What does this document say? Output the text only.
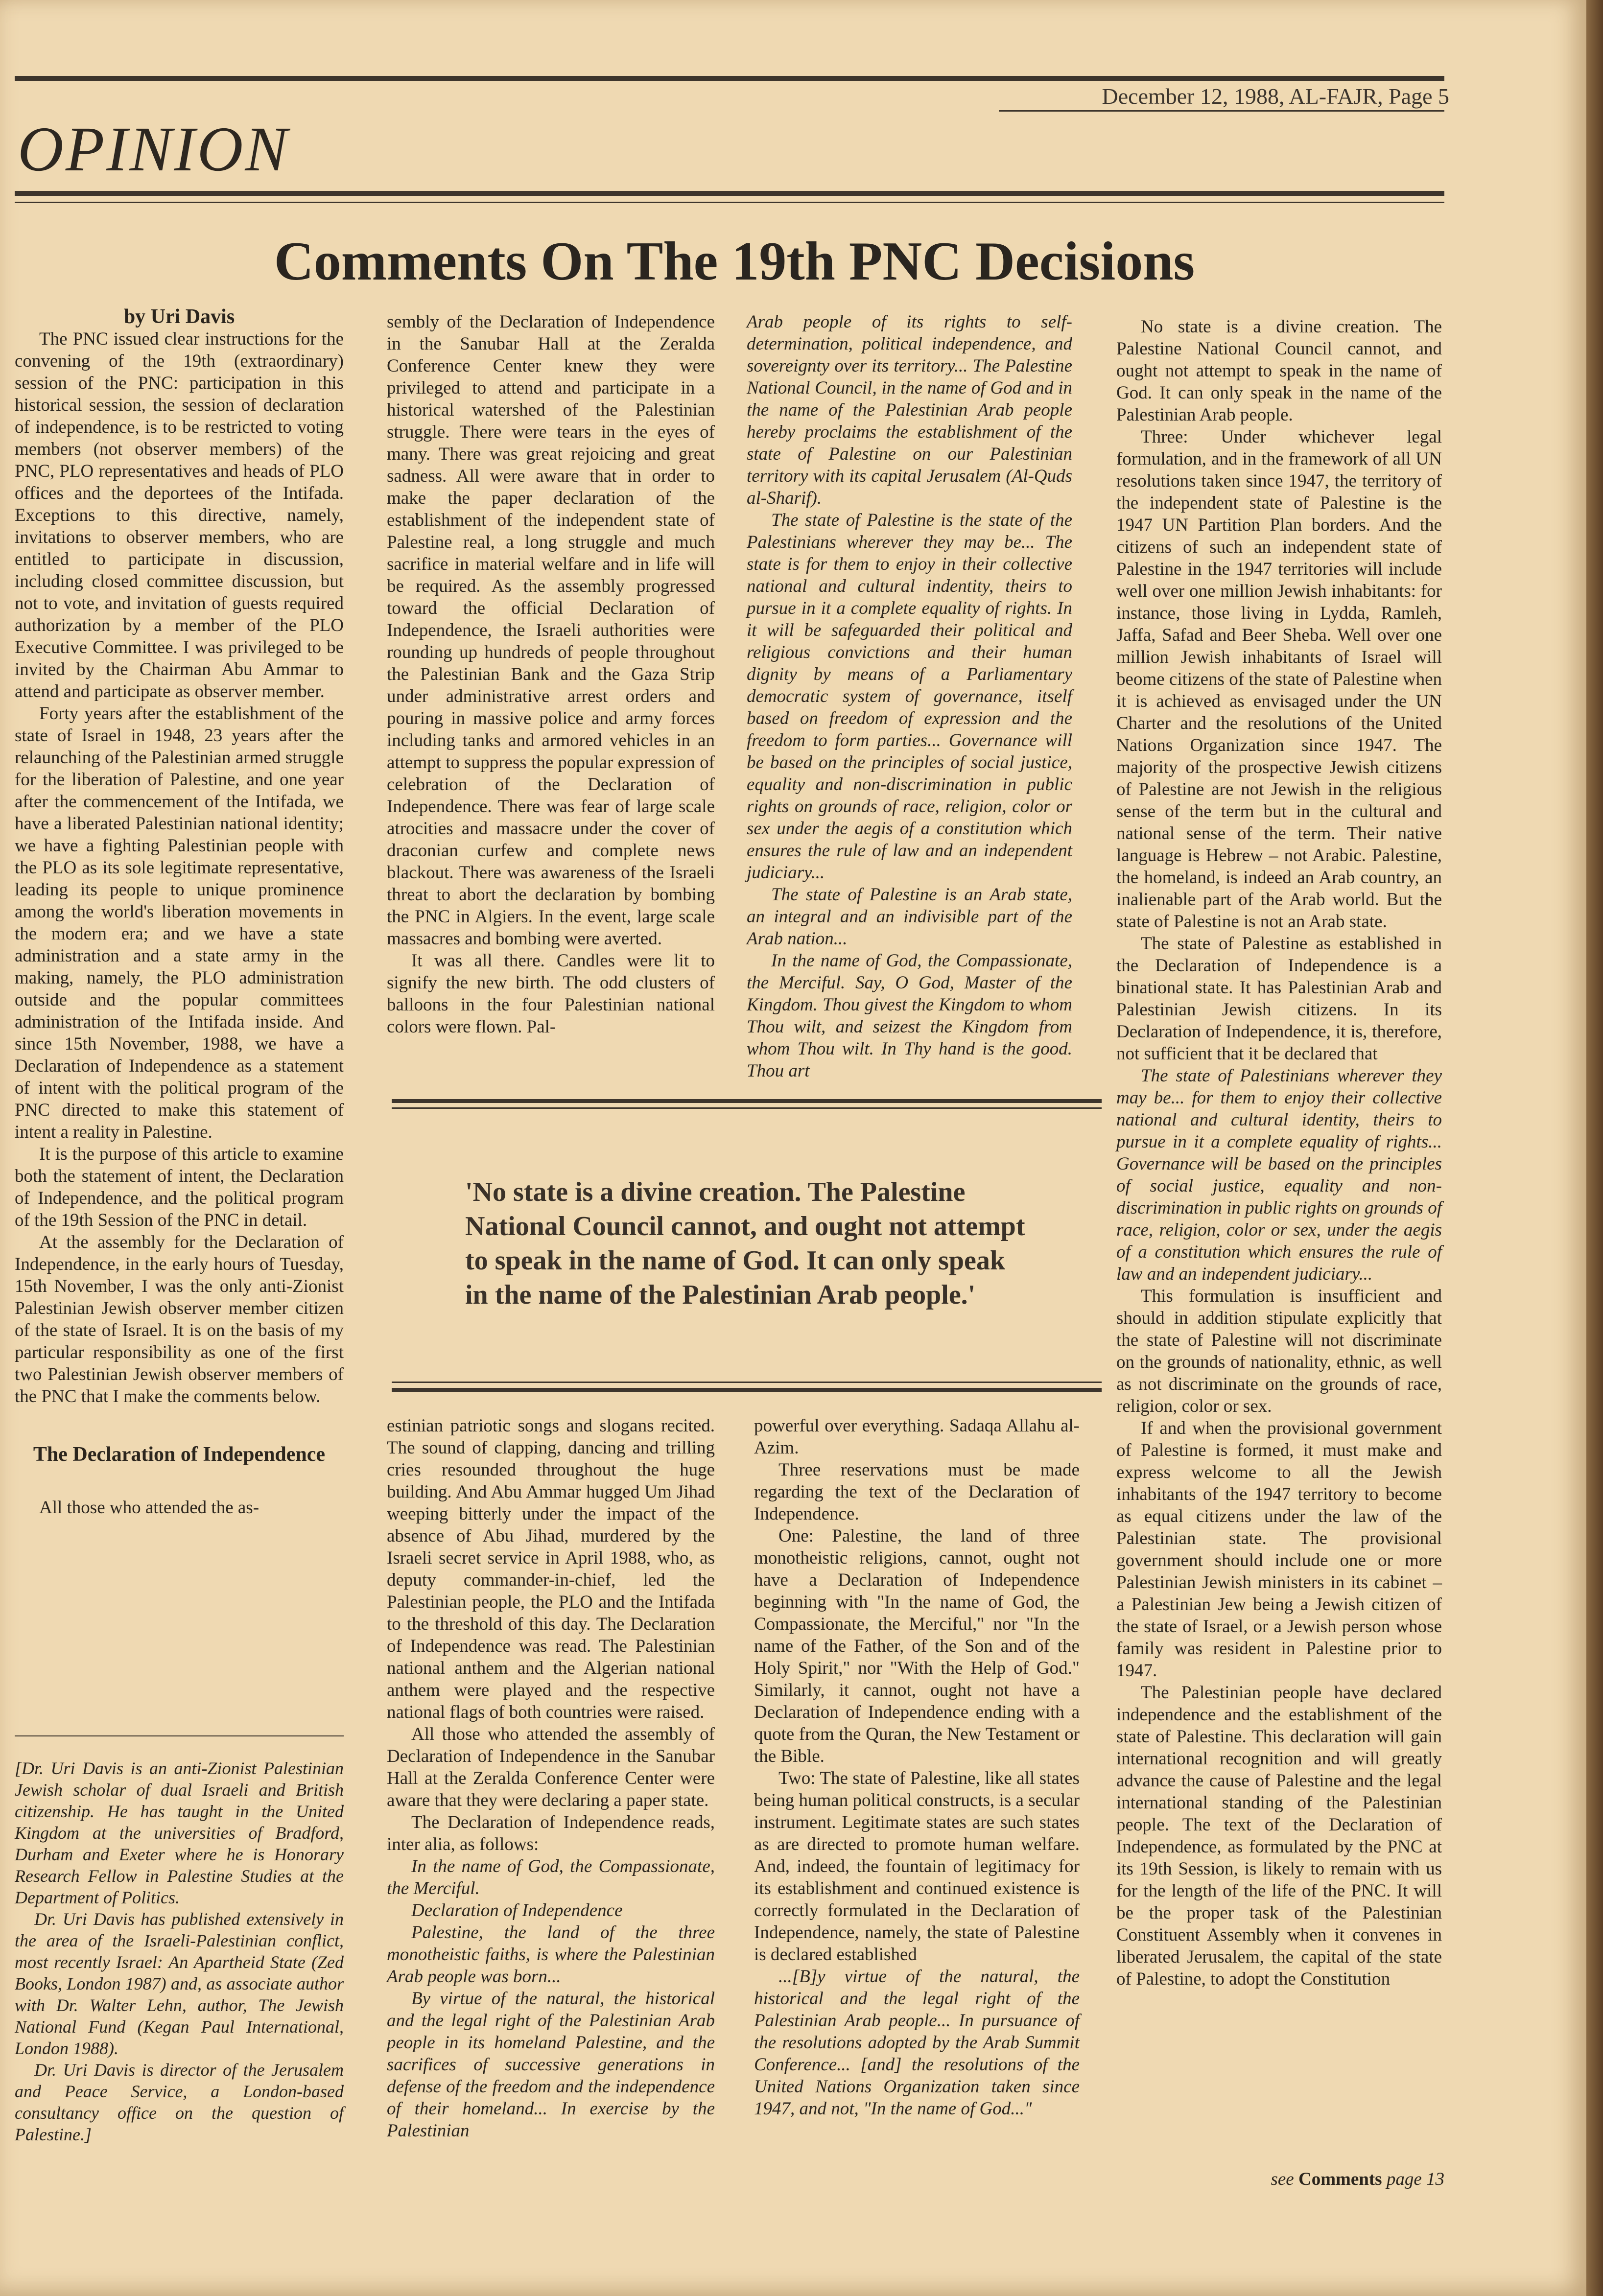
December 12, 1988, AL-FAJR, Page 5
OPINION
Comments On The 19th PNC Decisions

by Uri Davis

The PNC issued clear instructions for the convening of the 19th (extraordinary) session of the PNC: participation in this historical session, the session of declaration of independence, is to be restricted to voting members (not observer members) of the PNC, PLO representatives and heads of PLO offices and the deportees of the Intifada. Exceptions to this directive, namely, invitations to observer members, who are entitled to participate in discussion, including closed committee discussion, but not to vote, and invitation of guests required authorization by a member of the PLO Executive Committee. I was privileged to be invited by the Chairman Abu Ammar to attend and participate as observer member.

Forty years after the establishment of the state of Israel in 1948, 23 years after the relaunching of the Palestinian armed struggle for the liberation of Palestine, and one year after the commencement of the Intifada, we have a liberated Palestinian national identity; we have a fighting Palestinian people with the PLO as its sole legitimate representative, leading its people to unique prominence among the world's liberation movements in the modern era; and we have a state administration and a state army in the making, namely, the PLO administration outside and the popular committees administration of the Intifada inside. And since 15th November, 1988, we have a Declaration of Independence as a statement of intent with the political program of the PNC directed to make this statement of intent a reality in Palestine.

It is the purpose of this article to examine both the statement of intent, the Declaration of Independence, and the political program of the 19th Session of the PNC in detail.

At the assembly for the Declaration of Independence, in the early hours of Tuesday, 15th November, I was the only anti-Zionist Palestinian Jewish observer member citizen of the state of Israel. It is on the basis of my particular responsibility as one of the first two Palestinian Jewish observer members of the PNC that I make the comments below.

The Declaration of Independence

All those who attended the as-

[Dr. Uri Davis is an anti-Zionist Palestinian Jewish scholar of dual Israeli and British citizenship. He has taught in the United Kingdom at the universities of Bradford, Durham and Exeter where he is Honorary Research Fellow in Palestine Studies at the Department of Politics.

Dr. Uri Davis has published extensively in the area of the Israeli-Palestinian conflict, most recently Israel: An Apartheid State (Zed Books, London 1987) and, as associate author with Dr. Walter Lehn, author, The Jewish National Fund (Kegan Paul International, London 1988).

Dr. Uri Davis is director of the Jerusalem and Peace Service, a London-based consultancy office on the question of Palestine.]

sembly of the Declaration of Independence in the Sanubar Hall at the Zeralda Conference Center knew they were privileged to attend and participate in a historical watershed of the Palestinian struggle. There were tears in the eyes of many. There was great rejoicing and great sadness. All were aware that in order to make the paper declaration of the establishment of the independent state of Palestine real, a long struggle and much sacrifice in material welfare and in life will be required. As the assembly progressed toward the official Declaration of Independence, the Israeli authorities were rounding up hundreds of people throughout the Palestinian Bank and the Gaza Strip under administrative arrest orders and pouring in massive police and army forces including tanks and armored vehicles in an attempt to suppress the popular expression of celebration of the Declaration of Independence. There was fear of large scale atrocities and massacre under the cover of draconian curfew and complete news blackout. There was awareness of the Israeli threat to abort the declaration by bombing the PNC in Algiers. In the event, large scale massacres and bombing were averted.

It was all there. Candles were lit to signify the new birth. The odd clusters of balloons in the four Palestinian national colors were flown. Pal-

Arab people of its rights to self-determination, political independence, and sovereignty over its territory... The Palestine National Council, in the name of God and in the name of the Palestinian Arab people hereby proclaims the establishment of the state of Palestine on our Palestinian territory with its capital Jerusalem (Al-Quds al-Sharif).

The state of Palestine is the state of the Palestinians wherever they may be... The state is for them to enjoy in their collective national and cultural indentity, theirs to pursue in it a complete equality of rights. In it will be safeguarded their political and religious convictions and their human dignity by means of a Parliamentary democratic system of governance, itself based on freedom of expression and the freedom to form parties... Governance will be based on the principles of social justice, equality and non-discrimination in public rights on grounds of race, religion, color or sex under the aegis of a constitution which ensures the rule of law and an independent judiciary...

The state of Palestine is an Arab state, an integral and an indivisible part of the Arab nation...

In the name of God, the Compassionate, the Merciful. Say, O God, Master of the Kingdom. Thou givest the Kingdom to whom Thou wilt, and seizest the Kingdom from whom Thou wilt. In Thy hand is the good. Thou art

'No state is a divine creation. The Palestine National Council cannot, and ought not attempt to speak in the name of God. It can only speak in the name of the Palestinian Arab people.'

estinian patriotic songs and slogans recited. The sound of clapping, dancing and trilling cries resounded throughout the huge building. And Abu Ammar hugged Um Jihad weeping bitterly under the impact of the absence of Abu Jihad, murdered by the Israeli secret service in April 1988, who, as deputy commander-in-chief, led the Palestinian people, the PLO and the Intifada to the threshold of this day. The Declaration of Independence was read. The Palestinian national anthem and the Algerian national anthem were played and the respective national flags of both countries were raised.

All those who attended the assembly of Declaration of Independence in the Sanubar Hall at the Zeralda Conference Center were aware that they were declaring a paper state.

The Declaration of Independence reads, inter alia, as follows:

In the name of God, the Compassionate, the Merciful.

Declaration of Independence

Palestine, the land of the three monotheistic faiths, is where the Palestinian Arab people was born...

By virtue of the natural, the historical and the legal right of the Palestinian Arab people in its homeland Palestine, and the sacrifices of successive generations in defense of the freedom and the independence of their homeland... In exercise by the Palestinian

powerful over everything. Sadaqa Allahu al-Azim.

Three reservations must be made regarding the text of the Declaration of Independence.

One: Palestine, the land of three monotheistic religions, cannot, ought not have a Declaration of Independence beginning with "In the name of God, the Compassionate, the Merciful," nor "In the name of the Father, of the Son and of the Holy Spirit," nor "With the Help of God." Similarly, it cannot, ought not have a Declaration of Independence ending with a quote from the Quran, the New Testament or the Bible.

Two: The state of Palestine, like all states being human political constructs, is a secular instrument. Legitimate states are such states as are directed to promote human welfare. And, indeed, the fountain of legitimacy for its establishment and continued existence is correctly formulated in the Declaration of Independence, namely, the state of Palestine is declared established

...[B]y virtue of the natural, the historical and the legal right of the Palestinian Arab people... In pursuance of the resolutions adopted by the Arab Summit Conference... [and] the resolutions of the United Nations Organization taken since 1947, and not, "In the name of God..."

No state is a divine creation. The Palestine National Council cannot, and ought not attempt to speak in the name of God. It can only speak in the name of the Palestinian Arab people.

Three: Under whichever legal formulation, and in the framework of all UN resolutions taken since 1947, the territory of the independent state of Palestine is the 1947 UN Partition Plan borders. And the citizens of such an independent state of Palestine in the 1947 territories will include well over one million Jewish inhabitants: for instance, those living in Lydda, Ramleh, Jaffa, Safad and Beer Sheba. Well over one million Jewish inhabitants of Israel will beome citizens of the state of Palestine when it is achieved as envisaged under the UN Charter and the resolutions of the United Nations Organization since 1947. The majority of the prospective Jewish citizens of Palestine are not Jewish in the religious sense of the term but in the cultural and national sense of the term. Their native language is Hebrew – not Arabic. Palestine, the homeland, is indeed an Arab country, an inalienable part of the Arab world. But the state of Palestine is not an Arab state.

The state of Palestine as established in the Declaration of Independence is a binational state. It has Palestinian Arab and Palestinian Jewish citizens. In its Declaration of Independence, it is, therefore, not sufficient that it be declared that

The state of Palestinians wherever they may be... for them to enjoy their collective national and cultural identity, theirs to pursue in it a complete equality of rights... Governance will be based on the principles of social justice, equality and non-discrimination in public rights on grounds of race, religion, color or sex, under the aegis of a constitution which ensures the rule of law and an independent judiciary...

This formulation is insufficient and should in addition stipulate explicitly that the state of Palestine will not discriminate on the grounds of nationality, ethnic, as well as not discriminate on the grounds of race, religion, color or sex.

If and when the provisional government of Palestine is formed, it must make and express welcome to all the Jewish inhabitants of the 1947 territory to become as equal citizens under the law of the Palestinian state. The provisional government should include one or more Palestinian Jewish ministers in its cabinet – a Palestinian Jew being a Jewish citizen of the state of Israel, or a Jewish person whose family was resident in Palestine prior to 1947.

The Palestinian people have declared independence and the establishment of the state of Palestine. This declaration will gain international recognition and will greatly advance the cause of Palestine and the legal international standing of the Palestinian people. The text of the Declaration of Independence, as formulated by the PNC at its 19th Session, is likely to remain with us for the length of the life of the PNC. It will be the proper task of the Palestinian Constituent Assembly when it convenes in liberated Jerusalem, the capital of the state of Palestine, to adopt the Constitution

see Comments page 13
